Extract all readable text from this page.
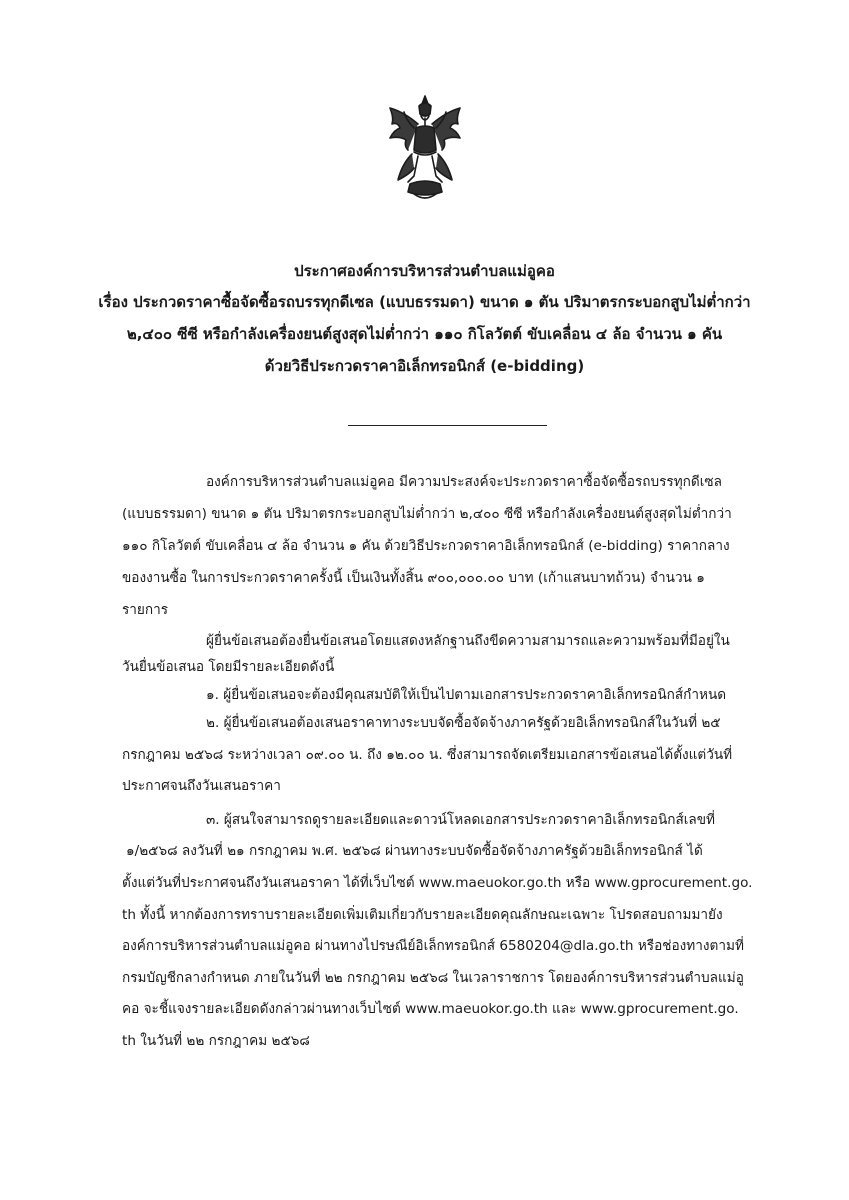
ประกาศองค์การบริหารส่วนตำบลแม่อูคอ
เรื่อง ประกวดราคาซื้อจัดซื้อรถบรรทุกดีเซล (แบบธรรมดา) ขนาด ๑ ตัน ปริมาตรกระบอกสูบไม่ต่ำกว่า
๒,๔๐๐ ซีซี หรือกำลังเครื่องยนต์สูงสุดไม่ต่ำกว่า ๑๑๐ กิโลวัตต์ ขับเคลื่อน ๔ ล้อ จำนวน ๑ คัน
ด้วยวิธีประกวดราคาอิเล็กทรอนิกส์ (e-bidding)
องค์การบริหารส่วนตำบลแม่อูคอ มีความประสงค์จะประกวดราคาซื้อจัดซื้อรถบรรทุกดีเซล
(แบบธรรมดา) ขนาด ๑ ตัน ปริมาตรกระบอกสูบไม่ต่ำกว่า ๒,๔๐๐ ซีซี หรือกำลังเครื่องยนต์สูงสุดไม่ต่ำกว่า
๑๑๐ กิโลวัตต์ ขับเคลื่อน ๔ ล้อ จำนวน ๑ คัน ด้วยวิธีประกวดราคาอิเล็กทรอนิกส์ (e-bidding) ราคากลาง
ของงานซื้อ ในการประกวดราคาครั้งนี้ เป็นเงินทั้งสิ้น ๙๐๐,๐๐๐.๐๐ บาท (เก้าแสนบาทถ้วน) จำนวน ๑
รายการ
ผู้ยื่นข้อเสนอต้องยื่นข้อเสนอโดยแสดงหลักฐานถึงขีดความสามารถและความพร้อมที่มีอยู่ใน
วันยื่นข้อเสนอ โดยมีรายละเอียดดังนี้
๑. ผู้ยื่นข้อเสนอจะต้องมีคุณสมบัติให้เป็นไปตามเอกสารประกวดราคาอิเล็กทรอนิกส์กำหนด
๒. ผู้ยื่นข้อเสนอต้องเสนอราคาทางระบบจัดซื้อจัดจ้างภาครัฐด้วยอิเล็กทรอนิกส์ในวันที่ ๒๕
กรกฎาคม ๒๕๖๘ ระหว่างเวลา ๐๙.๐๐ น. ถึง ๑๒.๐๐ น. ซึ่งสามารถจัดเตรียมเอกสารข้อเสนอได้ตั้งแต่วันที่
ประกาศจนถึงวันเสนอราคา
๓. ผู้สนใจสามารถดูรายละเอียดและดาวน์โหลดเอกสารประกวดราคาอิเล็กทรอนิกส์เลขที่
๑/๒๕๖๘ ลงวันที่ ๒๑ กรกฎาคม พ.ศ. ๒๕๖๘ ผ่านทางระบบจัดซื้อจัดจ้างภาครัฐด้วยอิเล็กทรอนิกส์ ได้
ตั้งแต่วันที่ประกาศจนถึงวันเสนอราคา ได้ที่เว็บไซต์ www.maeuokor.go.th หรือ www.gprocurement.go.
th ทั้งนี้ หากต้องการทราบรายละเอียดเพิ่มเติมเกี่ยวกับรายละเอียดคุณลักษณะเฉพาะ โปรดสอบถามมายัง
องค์การบริหารส่วนตำบลแม่อูคอ ผ่านทางไปรษณีย์อิเล็กทรอนิกส์ 6580204@dla.go.th หรือช่องทางตามที่
กรมบัญชีกลางกำหนด ภายในวันที่ ๒๒ กรกฎาคม ๒๕๖๘ ในเวลาราชการ โดยองค์การบริหารส่วนตำบลแม่อู
คอ จะชี้แจงรายละเอียดดังกล่าวผ่านทางเว็บไซต์ www.maeuokor.go.th และ www.gprocurement.go.
th ในวันที่ ๒๒ กรกฎาคม ๒๕๖๘
